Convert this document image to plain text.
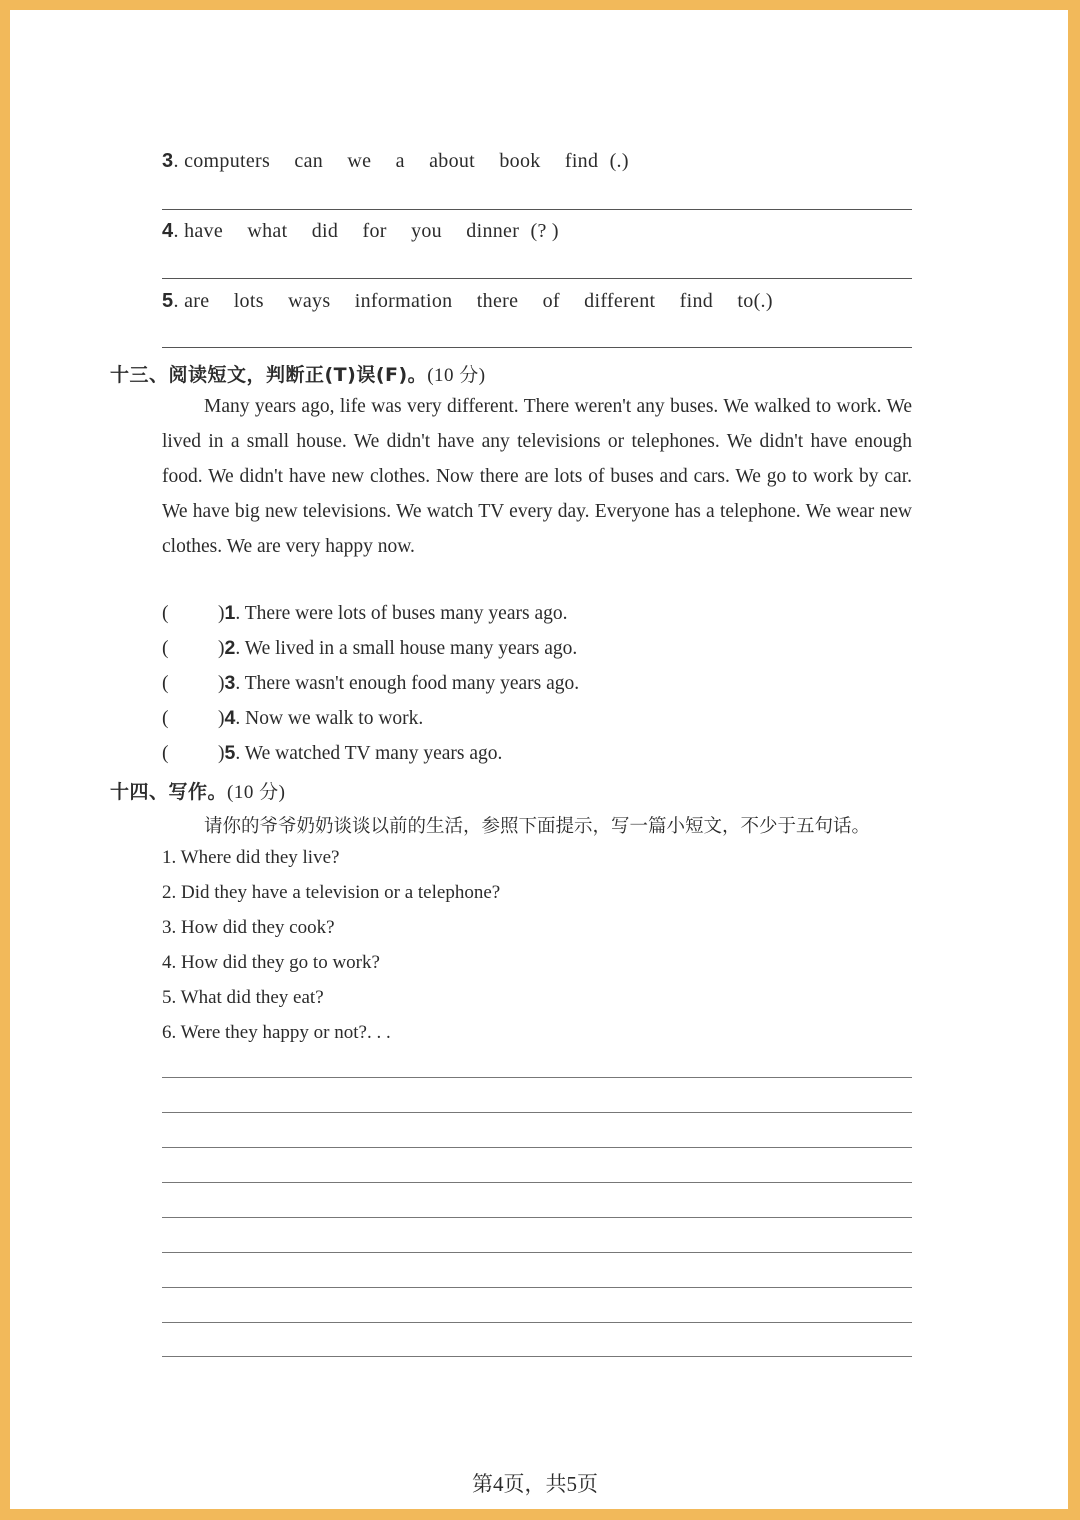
3. computers can we a about book find (.)
4. have what did for you dinner (? )
5. are lots ways information there of different find to(.)
十三、阅读短文，判断正(T)误(F)。(10 分)

Many years ago, life was very different. There weren't any buses. We walked to work. We lived in a small house. We didn't have any televisions or telephones. We didn't have enough food. We didn't have new clothes. Now there are lots of buses and cars. We go to work by car. We have big new televisions. We watch TV every day. Everyone has a telephone. We wear new clothes. We are very happy now.

(	)1. There were lots of buses many years ago.
(	)2. We lived in a small house many years ago.
(	)3. There wasn't enough food many years ago.
(	)4. Now we walk to work.
(	)5. We watched TV many years ago.
十四、写作。(10 分)
请你的爷爷奶奶谈谈以前的生活，参照下面提示，写一篇小短文，不少于五句话。
1. Where did they live?
2. Did they have a television or a telephone?
3. How did they cook?
4. How did they go to work?
5. What did they eat?
6. Were they happy or not?. . .
第4页，共5页
